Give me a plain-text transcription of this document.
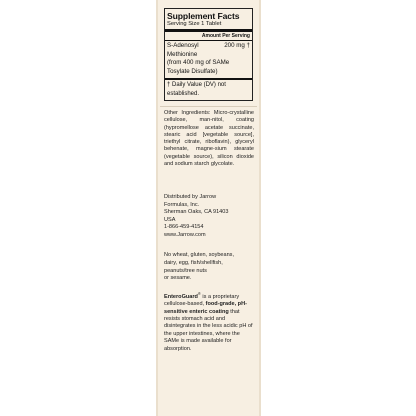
Supplement Facts
Serving Size 1 Tablet
Amount Per Serving
S-Adenosyl	200 mg †
Methionine
(from 400 mg of SAMe
Tosylate Disulfate)
† Daily Value (DV) not
established.
Other Ingredients: Micro-crystalline cellulose, man-nitol, coating (hypromellose acetate succinate, stearic acid [vegetable source], triethyl citrate, riboflavin), glyceryl behenate, magne-sium stearate (vegetable source), silicon dioxide and sodium starch glycolate.
Distributed by Jarrow
Formulas, Inc.
Sherman Oaks, CA 91403
USA
1-866-459-4154
www.Jarrow.com
No wheat, gluten, soybeans,
dairy, egg, fish/shellfish,
peanuts/tree nuts
or sesame.
EnteroGuard® is a proprietary cellulose-based, food-grade, pH-sensitive enteric coating that resists stomach acid and disintegrates in the less acidic pH of the upper intestines, where the SAMe is made available for absorption.
